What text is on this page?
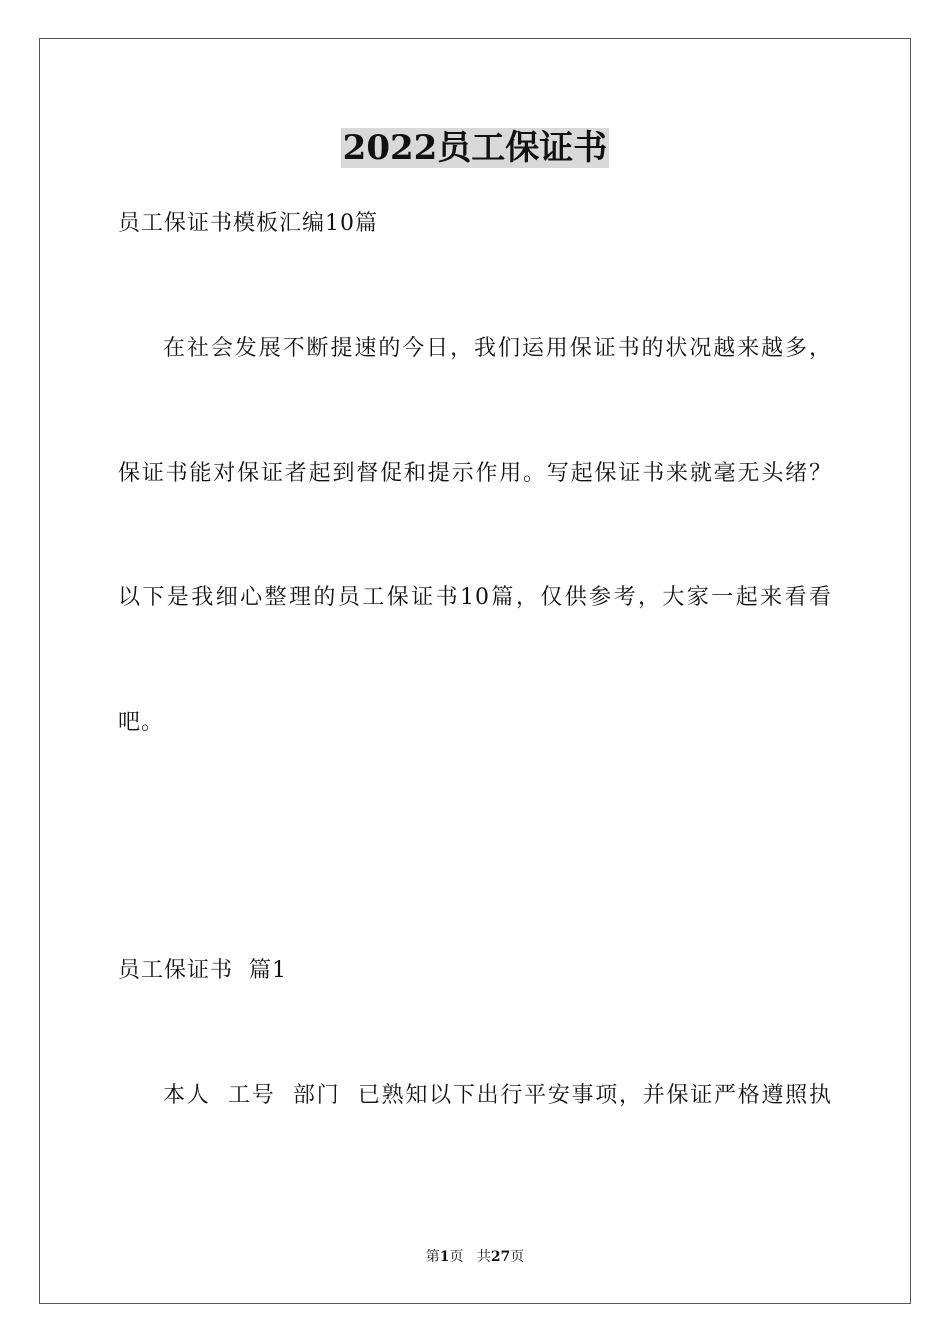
2022员工保证书
员工保证书模板汇编10篇
在社会发展不断提速的今日，我们运用保证书的状况越来越多，
保证书能对保证者起到督促和提示作用。写起保证书来就毫无头绪？
以下是我细心整理的员工保证书10篇，仅供参考，大家一起来看看
吧。
员工保证书  篇1
本人  工号  部门  已熟知以下出行平安事项，并保证严格遵照执
第1页 共27页
